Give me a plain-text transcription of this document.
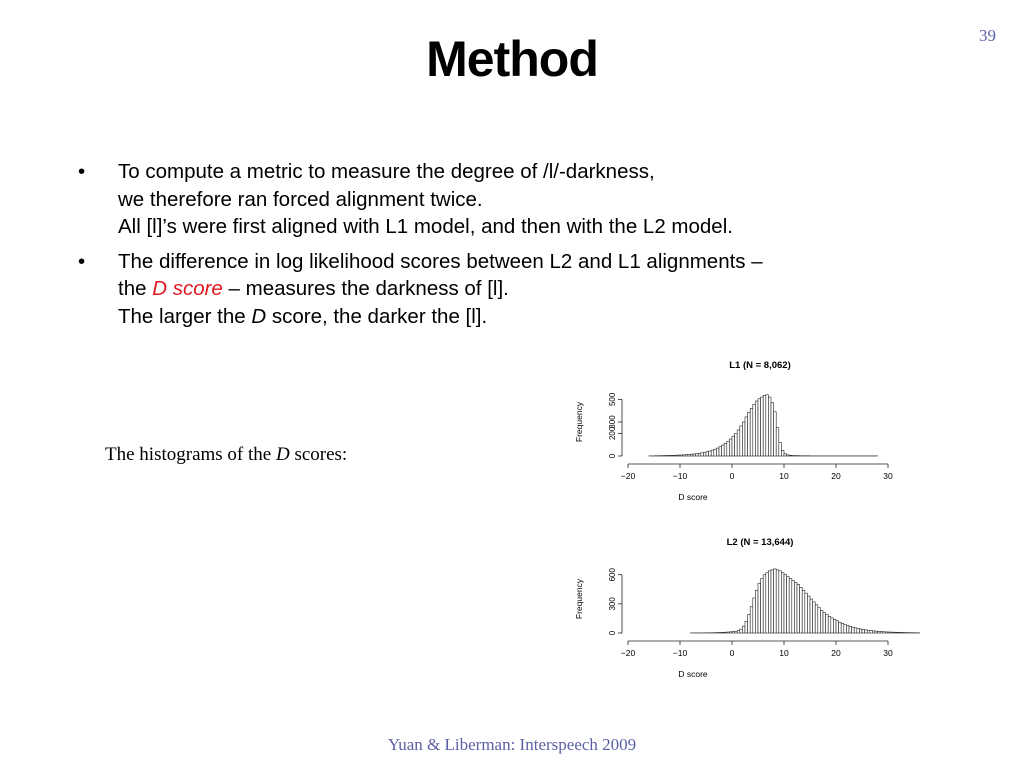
39
Method
• To compute a metric to measure the degree of /l/-darkness,
we therefore ran forced alignment twice.
All [l]’s were first aligned with L1 model, and then with the L2 model.
• The difference in log likelihood scores between L2 and L1 alignments –
the D score – measures the darkness of [l].
The larger the D score, the darker the [l].
The histograms of the D scores:
L1 (N = 8,062)
0
200
300
500
Frequency
−20	−10	0	10	20	30
D score
L2 (N = 13,644)
0
300
600
Frequency
−20	−10	0	10	20	30
D score
Yuan & Liberman: Interspeech 2009
